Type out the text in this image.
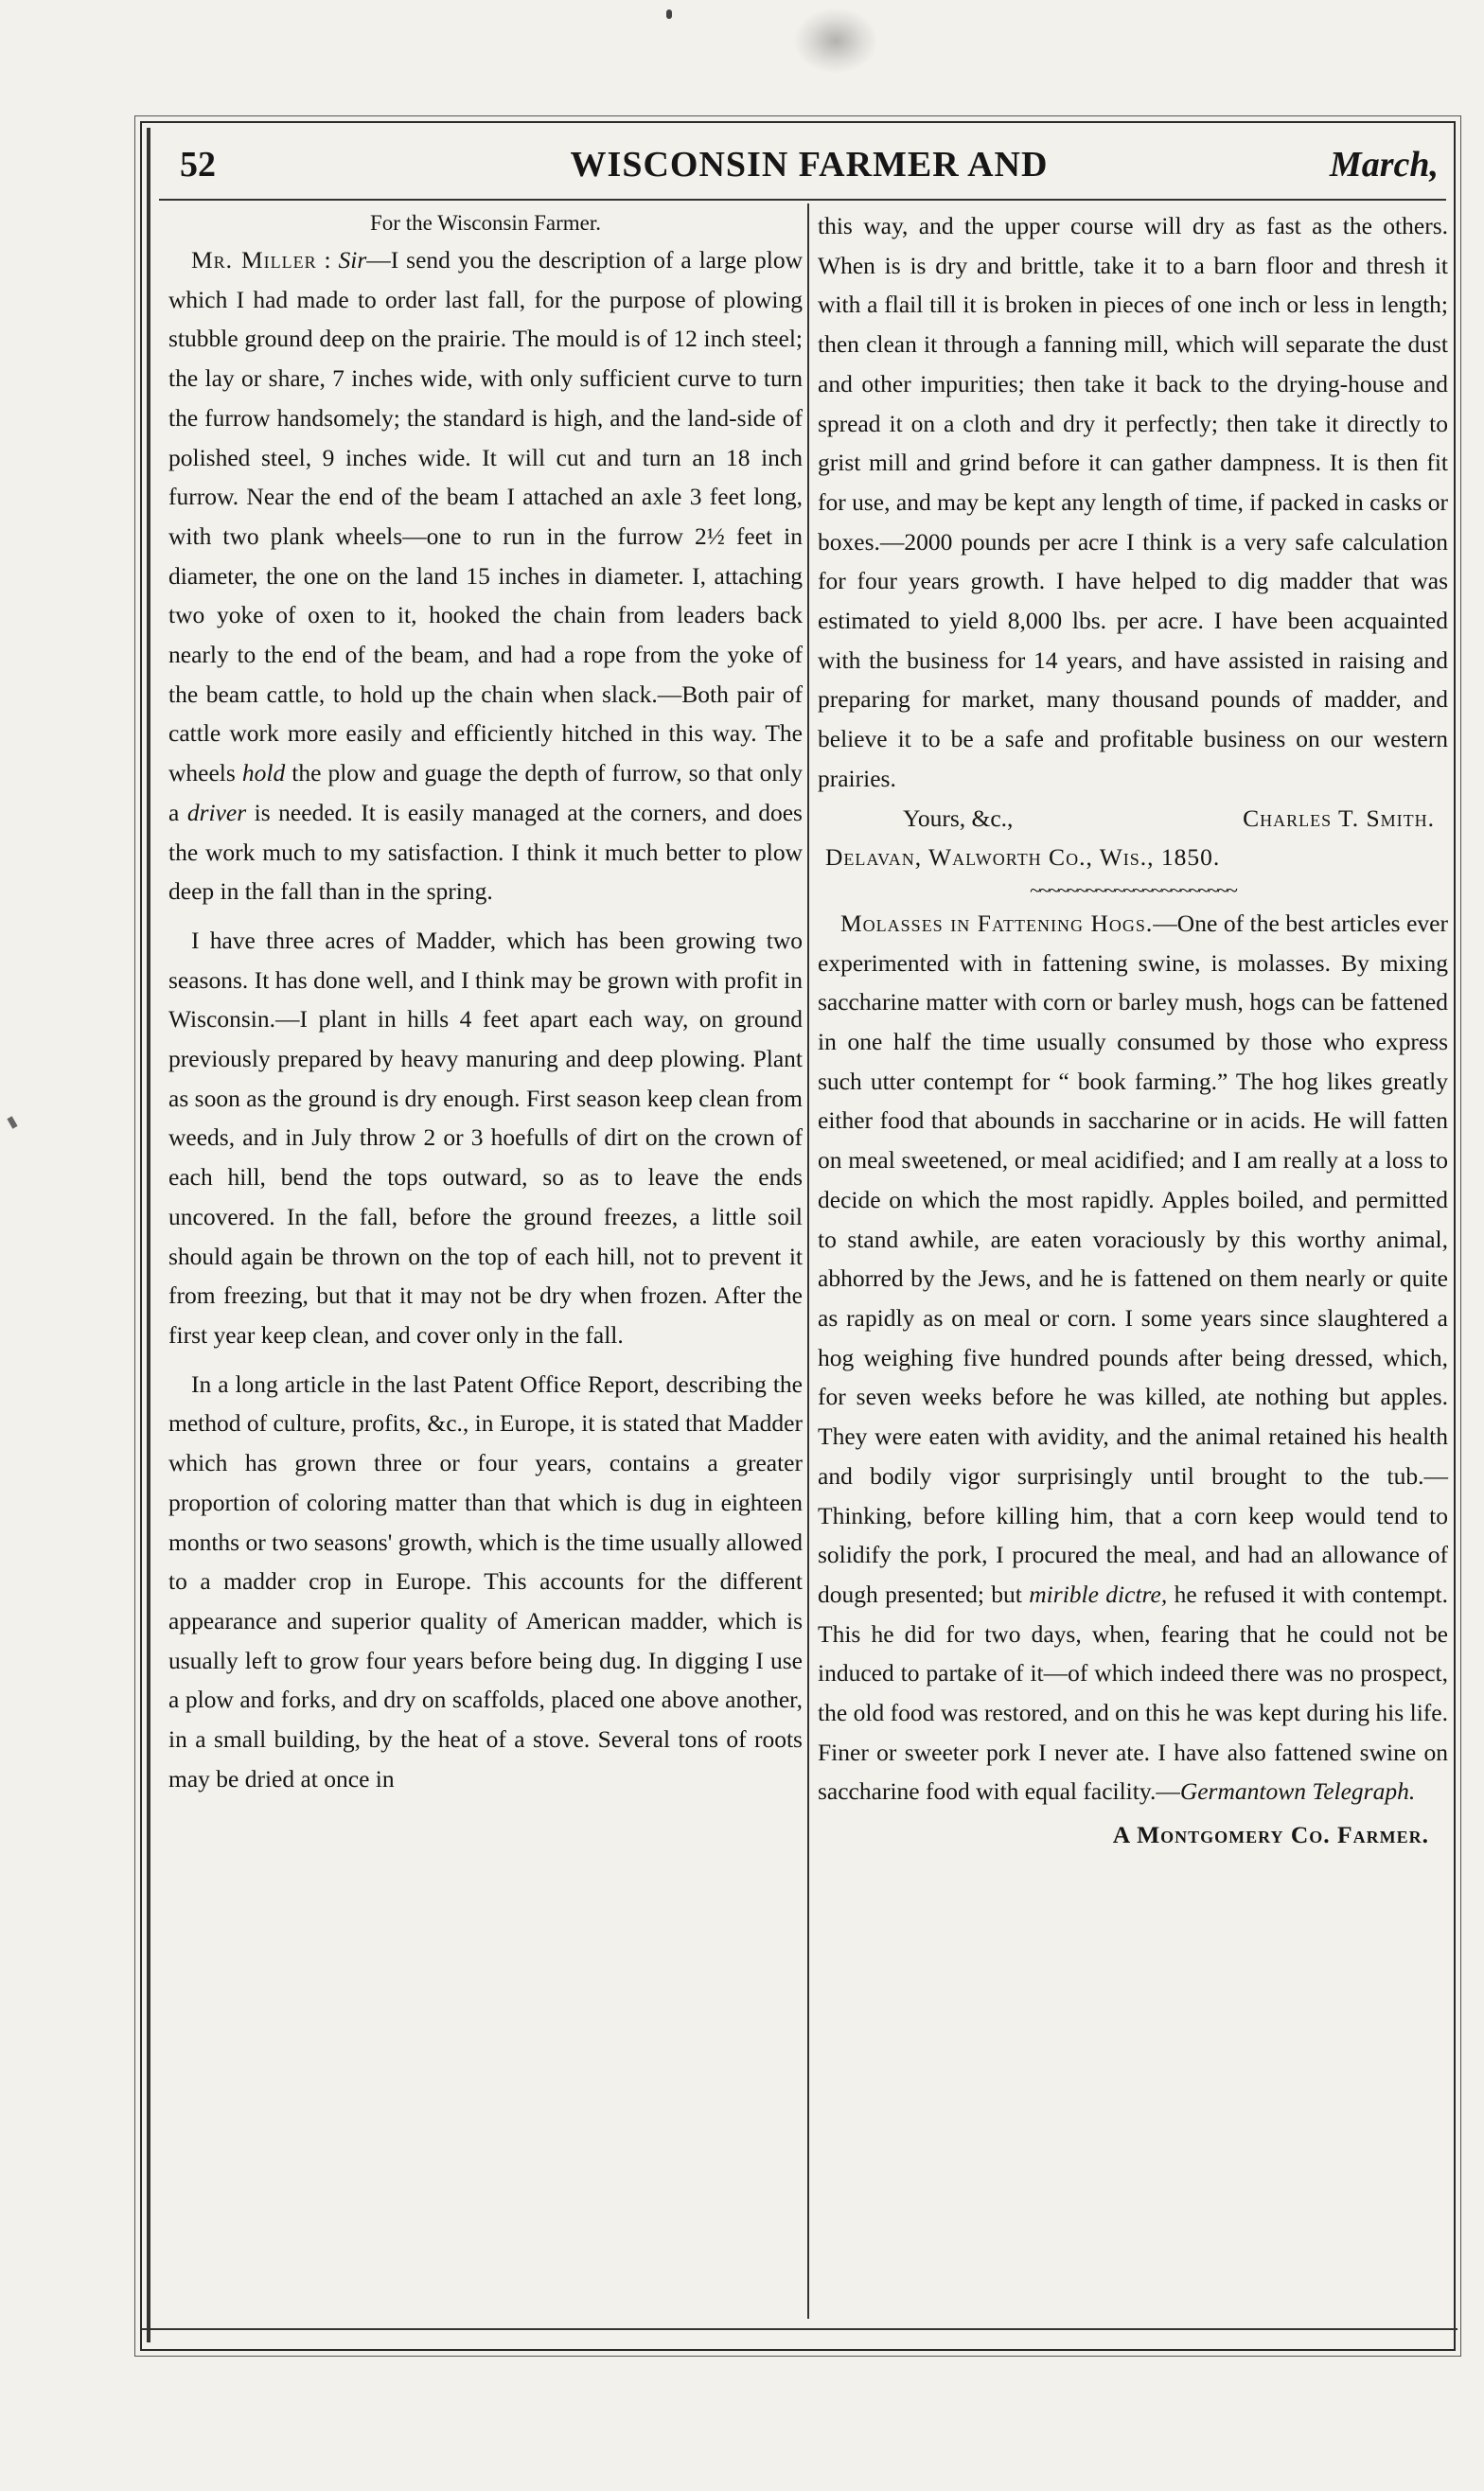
WISCONSIN FARMER AND
52	March,

For the Wisconsin Farmer.

Mr. Miller : Sir—I send you the description of a large plow which I had made to order last fall, for the purpose of plowing stubble ground deep on the prairie. The mould is of 12 inch steel; the lay or share, 7 inches wide, with only sufficient curve to turn the furrow handsomely; the standard is high, and the land-side of polished steel, 9 inches wide. It will cut and turn an 18 inch furrow. Near the end of the beam I attached an axle 3 feet long, with two plank wheels—one to run in the furrow 2½ feet in diameter, the one on the land 15 inches in diameter. I, attaching two yoke of oxen to it, hooked the chain from leaders back nearly to the end of the beam, and had a rope from the yoke of the beam cattle, to hold up the chain when slack.—Both pair of cattle work more easily and efficiently hitched in this way. The wheels hold the plow and guage the depth of furrow, so that only a driver is needed. It is easily managed at the corners, and does the work much to my satisfaction. I think it much better to plow deep in the fall than in the spring.

I have three acres of Madder, which has been growing two seasons. It has done well, and I think may be grown with profit in Wisconsin.—I plant in hills 4 feet apart each way, on ground previously prepared by heavy manuring and deep plowing. Plant as soon as the ground is dry enough. First season keep clean from weeds, and in July throw 2 or 3 hoefulls of dirt on the crown of each hill, bend the tops outward, so as to leave the ends uncovered. In the fall, before the ground freezes, a little soil should again be thrown on the top of each hill, not to prevent it from freezing, but that it may not be dry when frozen. After the first year keep clean, and cover only in the fall.

In a long article in the last Patent Office Report, describing the method of culture, profits, &c., in Europe, it is stated that Madder which has grown three or four years, contains a greater proportion of coloring matter than that which is dug in eighteen months or two seasons' growth, which is the time usually allowed to a madder crop in Europe. This accounts for the different appearance and superior quality of American madder, which is usually left to grow four years before being dug. In digging I use a plow and forks, and dry on scaffolds, placed one above another, in a small building, by the heat of a stove. Several tons of roots may be dried at once in

this way, and the upper course will dry as fast as the others. When is is dry and brittle, take it to a barn floor and thresh it with a flail till it is broken in pieces of one inch or less in length; then clean it through a fanning mill, which will separate the dust and other impurities; then take it back to the drying-house and spread it on a cloth and dry it perfectly; then take it directly to grist mill and grind before it can gather dampness. It is then fit for use, and may be kept any length of time, if packed in casks or boxes.—2000 pounds per acre I think is a very safe calculation for four years growth. I have helped to dig madder that was estimated to yield 8,000 lbs. per acre. I have been acquainted with the business for 14 years, and have assisted in raising and preparing for market, many thousand pounds of madder, and believe it to be a safe and profitable business on our western prairies.

Yours, &c.,	Charles T. Smith.

Delavan, Walworth Co., Wis., 1850.

~~~~~~~~~~~~~~~~~~~~~~

Molasses in Fattening Hogs.—One of the best articles ever experimented with in fattening swine, is molasses. By mixing saccharine matter with corn or barley mush, hogs can be fattened in one half the time usually consumed by those who express such utter contempt for “ book farming.” The hog likes greatly either food that abounds in saccharine or in acids. He will fatten on meal sweetened, or meal acidified; and I am really at a loss to decide on which the most rapidly. Apples boiled, and permitted to stand awhile, are eaten voraciously by this worthy animal, abhorred by the Jews, and he is fattened on them nearly or quite as rapidly as on meal or corn. I some years since slaughtered a hog weighing five hundred pounds after being dressed, which, for seven weeks before he was killed, ate nothing but apples. They were eaten with avidity, and the animal retained his health and bodily vigor surprisingly until brought to the tub.—Thinking, before killing him, that a corn keep would tend to solidify the pork, I procured the meal, and had an allowance of dough presented; but mirible dictre, he refused it with contempt. This he did for two days, when, fearing that he could not be induced to partake of it—of which indeed there was no prospect, the old food was restored, and on this he was kept during his life. Finer or sweeter pork I never ate. I have also fattened swine on saccharine food with equal facility.—Germantown Telegraph.

A Montgomery Co. Farmer.
